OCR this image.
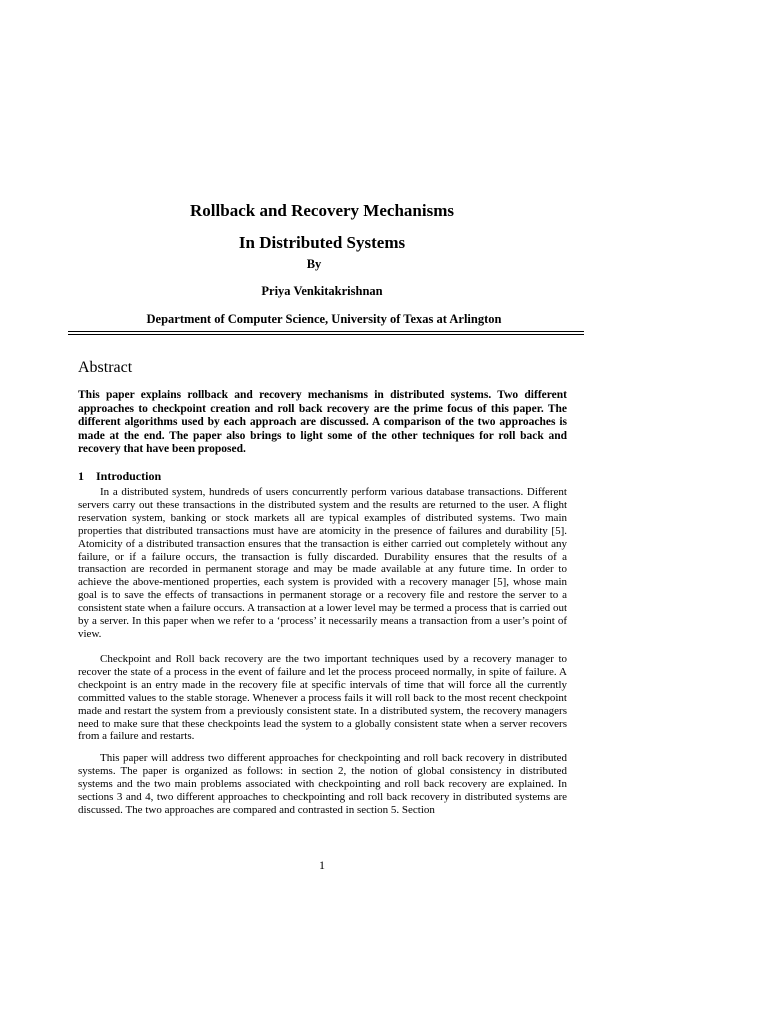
Rollback and Recovery Mechanisms
In Distributed Systems
By
Priya Venkitakrishnan
Department of Computer Science, University of Texas at Arlington
Abstract

This paper explains rollback and recovery mechanisms in distributed systems. Two different approaches to checkpoint creation and roll back recovery are the prime focus of this paper. The different algorithms used by each approach are discussed. A comparison of the two approaches is made at the end. The paper also brings to light some of the other techniques for roll back and recovery that have been proposed.

1 Introduction

In a distributed system, hundreds of users concurrently perform various database transactions. Different servers carry out these transactions in the distributed system and the results are returned to the user. A flight reservation system, banking or stock markets all are typical examples of distributed systems. Two main properties that distributed transactions must have are atomicity in the presence of failures and durability [5]. Atomicity of a distributed transaction ensures that the transaction is either carried out completely without any failure, or if a failure occurs, the transaction is fully discarded. Durability ensures that the results of a transaction are recorded in permanent storage and may be made available at any future time. In order to achieve the above-mentioned properties, each system is provided with a recovery manager [5], whose main goal is to save the effects of transactions in permanent storage or a recovery file and restore the server to a consistent state when a failure occurs. A transaction at a lower level may be termed a process that is carried out by a server. In this paper when we refer to a ‘process’ it necessarily means a transaction from a user’s point of view.

Checkpoint and Roll back recovery are the two important techniques used by a recovery manager to recover the state of a process in the event of failure and let the process proceed normally, in spite of failure. A checkpoint is an entry made in the recovery file at specific intervals of time that will force all the currently committed values to the stable storage. Whenever a process fails it will roll back to the most recent checkpoint made and restart the system from a previously consistent state. In a distributed system, the recovery managers need to make sure that these checkpoints lead the system to a globally consistent state when a server recovers from a failure and restarts.

This paper will address two different approaches for checkpointing and roll back recovery in distributed systems. The paper is organized as follows: in section 2, the notion of global consistency in distributed systems and the two main problems associated with checkpointing and roll back recovery are explained. In sections 3 and 4, two different approaches to checkpointing and roll back recovery in distributed systems are discussed. The two approaches are compared and contrasted in section 5. Section

1
